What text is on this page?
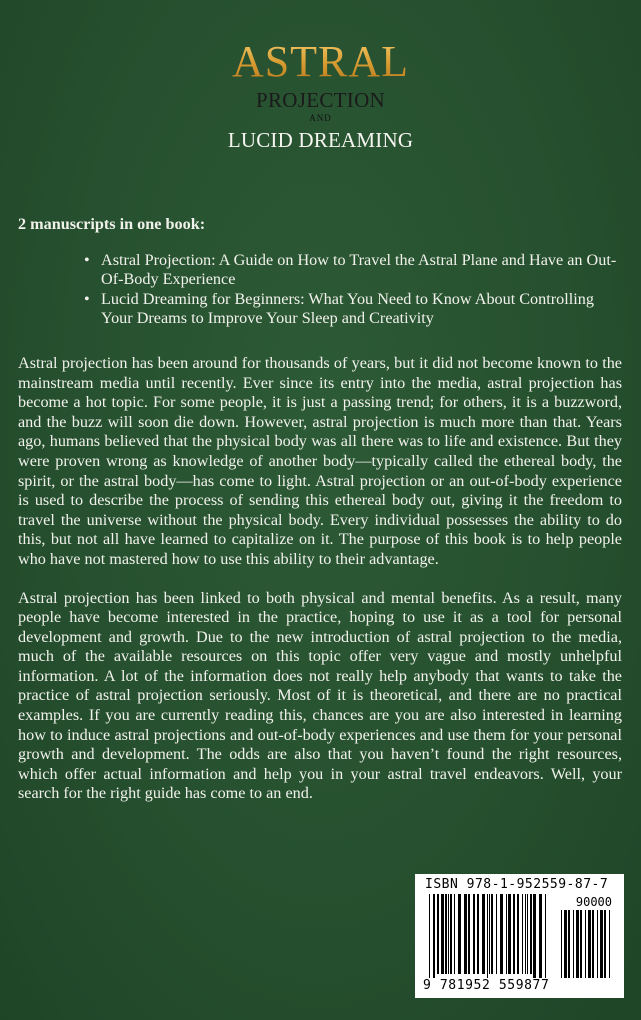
ASTRAL
PROJECTION
AND
LUCID DREAMING

2 manuscripts in one book:

• Astral Projection: A Guide on How to Travel the Astral Plane and Have an Out-Of-Body Experience
• Lucid Dreaming for Beginners: What You Need to Know About Controlling Your Dreams to Improve Your Sleep and Creativity

Astral projection has been around for thousands of years, but it did not become known to the mainstream media until recently. Ever since its entry into the media, astral projection has become a hot topic. For some people, it is just a passing trend; for others, it is a buzzword, and the buzz will soon die down. However, astral projection is much more than that. Years ago, humans believed that the physical body was all there was to life and existence. But they were proven wrong as knowledge of another body—typically called the ethereal body, the spirit, or the astral body—has come to light. Astral projection or an out-of-body experience is used to describe the process of sending this ethereal body out, giving it the freedom to travel the universe without the physical body. Every individual possesses the ability to do this, but not all have learned to capitalize on it. The purpose of this book is to help people who have not mastered how to use this ability to their advantage.

Astral projection has been linked to both physical and mental benefits. As a result, many people have become interested in the practice, hoping to use it as a tool for personal development and growth. Due to the new introduction of astral projection to the media, much of the available resources on this topic offer very vague and mostly unhelpful information. A lot of the information does not really help anybody that wants to take the practice of astral projection seriously. Most of it is theoretical, and there are no practical examples. If you are currently reading this, chances are you are also interested in learning how to induce astral projections and out-of-body experiences and use them for your personal growth and development. The odds are also that you haven’t found the right resources, which offer actual information and help you in your astral travel endeavors. Well, your search for the right guide has come to an end.

ISBN 978-1-952559-87-7
90000
9 781952 559877
